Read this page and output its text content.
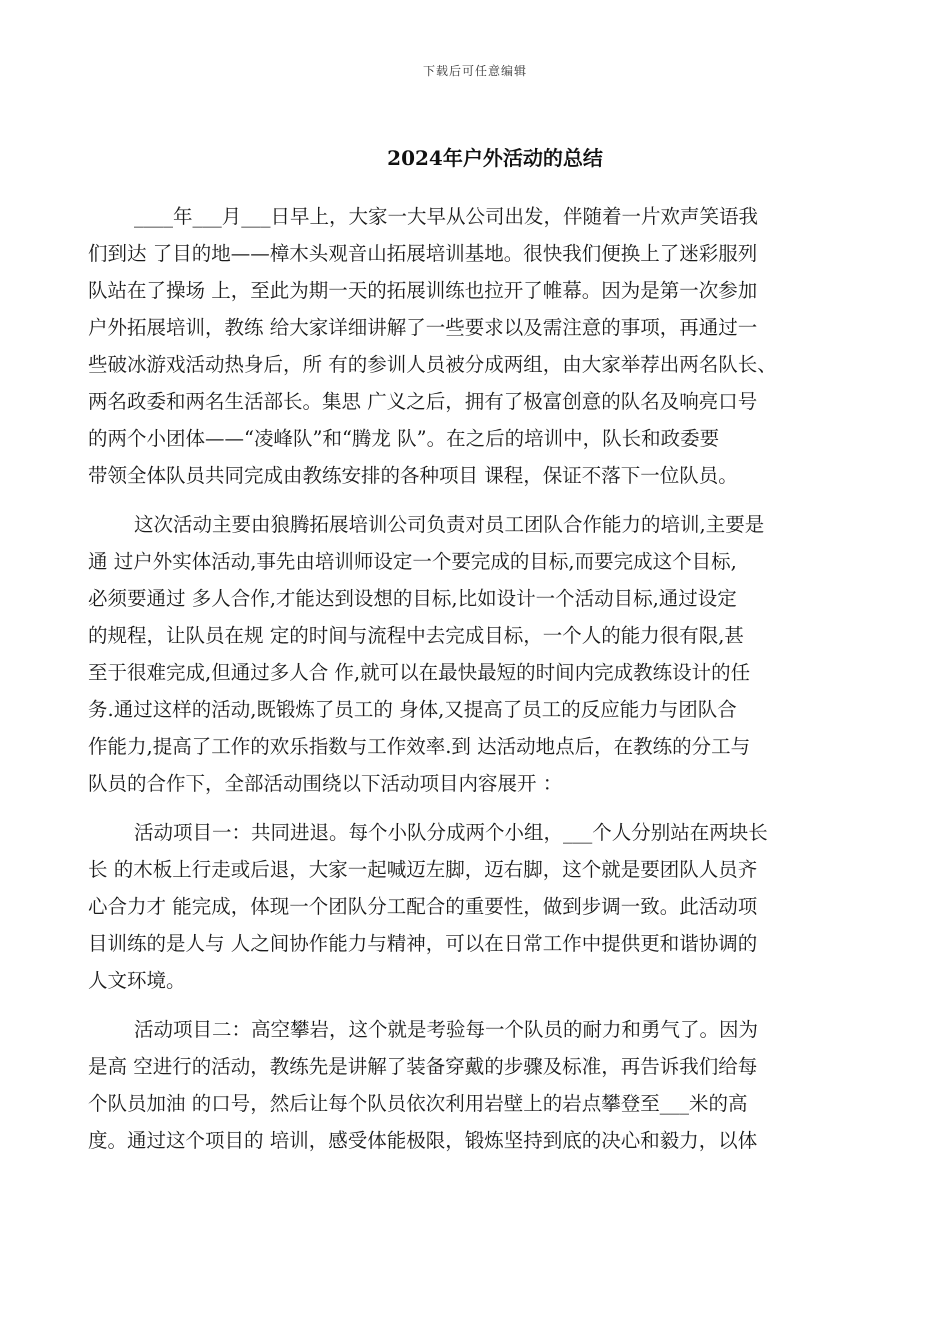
下载后可任意编辑
2024年户外活动的总结

____年___月___日早上，大家一大早从公司出发，伴随着一片欢声笑语我
们到达 了目的地——樟木头观音山拓展培训基地。很快我们便换上了迷彩服列
队站在了操场 上，至此为期一天的拓展训练也拉开了帷幕。因为是第一次参加
户外拓展培训，教练 给大家详细讲解了一些要求以及需注意的事项，再通过一
些破冰游戏活动热身后，所 有的参训人员被分成两组，由大家举荐出两名队长、
两名政委和两名生活部长。集思 广义之后，拥有了极富创意的队名及响亮口号
的两个小团体——“凌峰队”和“腾龙 队”。在之后的培训中，队长和政委要
带领全体队员共同完成由教练安排的各种项目 课程，保证不落下一位队员。

这次活动主要由狼腾拓展培训公司负责对员工团队合作能力的培训,主要是
通 过户外实体活动,事先由培训师设定一个要完成的目标,而要完成这个目标,
必须要通过 多人合作,才能达到设想的目标,比如设计一个活动目标,通过设定
的规程，让队员在规 定的时间与流程中去完成目标，一个人的能力很有限,甚
至于很难完成,但通过多人合 作,就可以在最快最短的时间内完成教练设计的任
务.通过这样的活动,既锻炼了员工的 身体,又提高了员工的反应能力与团队合
作能力,提高了工作的欢乐指数与工作效率.到 达活动地点后，在教练的分工与
队员的合作下，全部活动围绕以下活动项目内容展开 ：

活动项目一：共同进退。每个小队分成两个小组，___个人分别站在两块长
长 的木板上行走或后退，大家一起喊迈左脚，迈右脚，这个就是要团队人员齐
心合力才 能完成，体现一个团队分工配合的重要性，做到步调一致。此活动项
目训练的是人与 人之间协作能力与精神，可以在日常工作中提供更和谐协调的
人文环境。

活动项目二：高空攀岩，这个就是考验每一个队员的耐力和勇气了。因为
是高 空进行的活动，教练先是讲解了装备穿戴的步骤及标准，再告诉我们给每
个队员加油 的口号，然后让每个队员依次利用岩壁上的岩点攀登至___米的高
度。通过这个项目的 培训，感受体能极限，锻炼坚持到底的决心和毅力，以体
